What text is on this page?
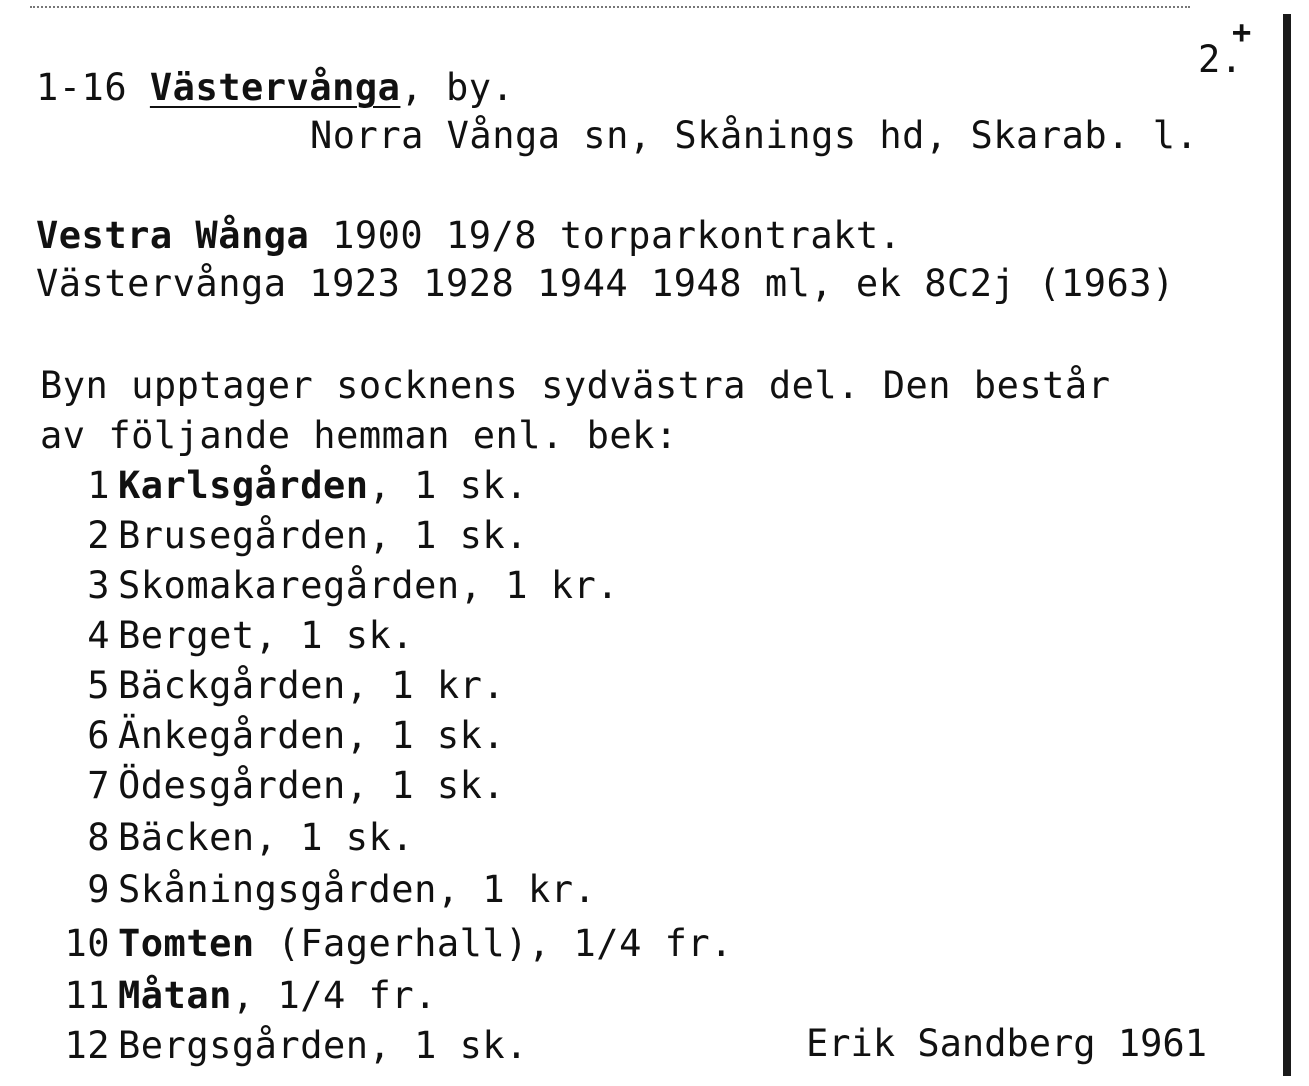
2.
+
1-16 Västervånga, by.
Norra Vånga sn, Skånings hd, Skarab. l.
Vestra Wånga 1900 19/8 torparkontrakt.
Västervånga 1923 1928 1944 1948 ml, ek 8C2j (1963)
Byn upptager socknens sydvästra del. Den består
av följande hemman enl. bek:
1 Karlsgården, 1 sk.
2 Brusegården, 1 sk.
3 Skomakaregården, 1 kr.
4 Berget, 1 sk.
5 Bäckgården, 1 kr.
6 Änkegården, 1 sk.
7 Ödesgården, 1 sk.
8 Bäcken, 1 sk.
9 Skåningsgården, 1 kr.
10 Tomten (Fagerhall), 1/4 fr.
11 Måtan, 1/4 fr.
12 Bergsgården, 1 sk.	Erik Sandberg 1961
